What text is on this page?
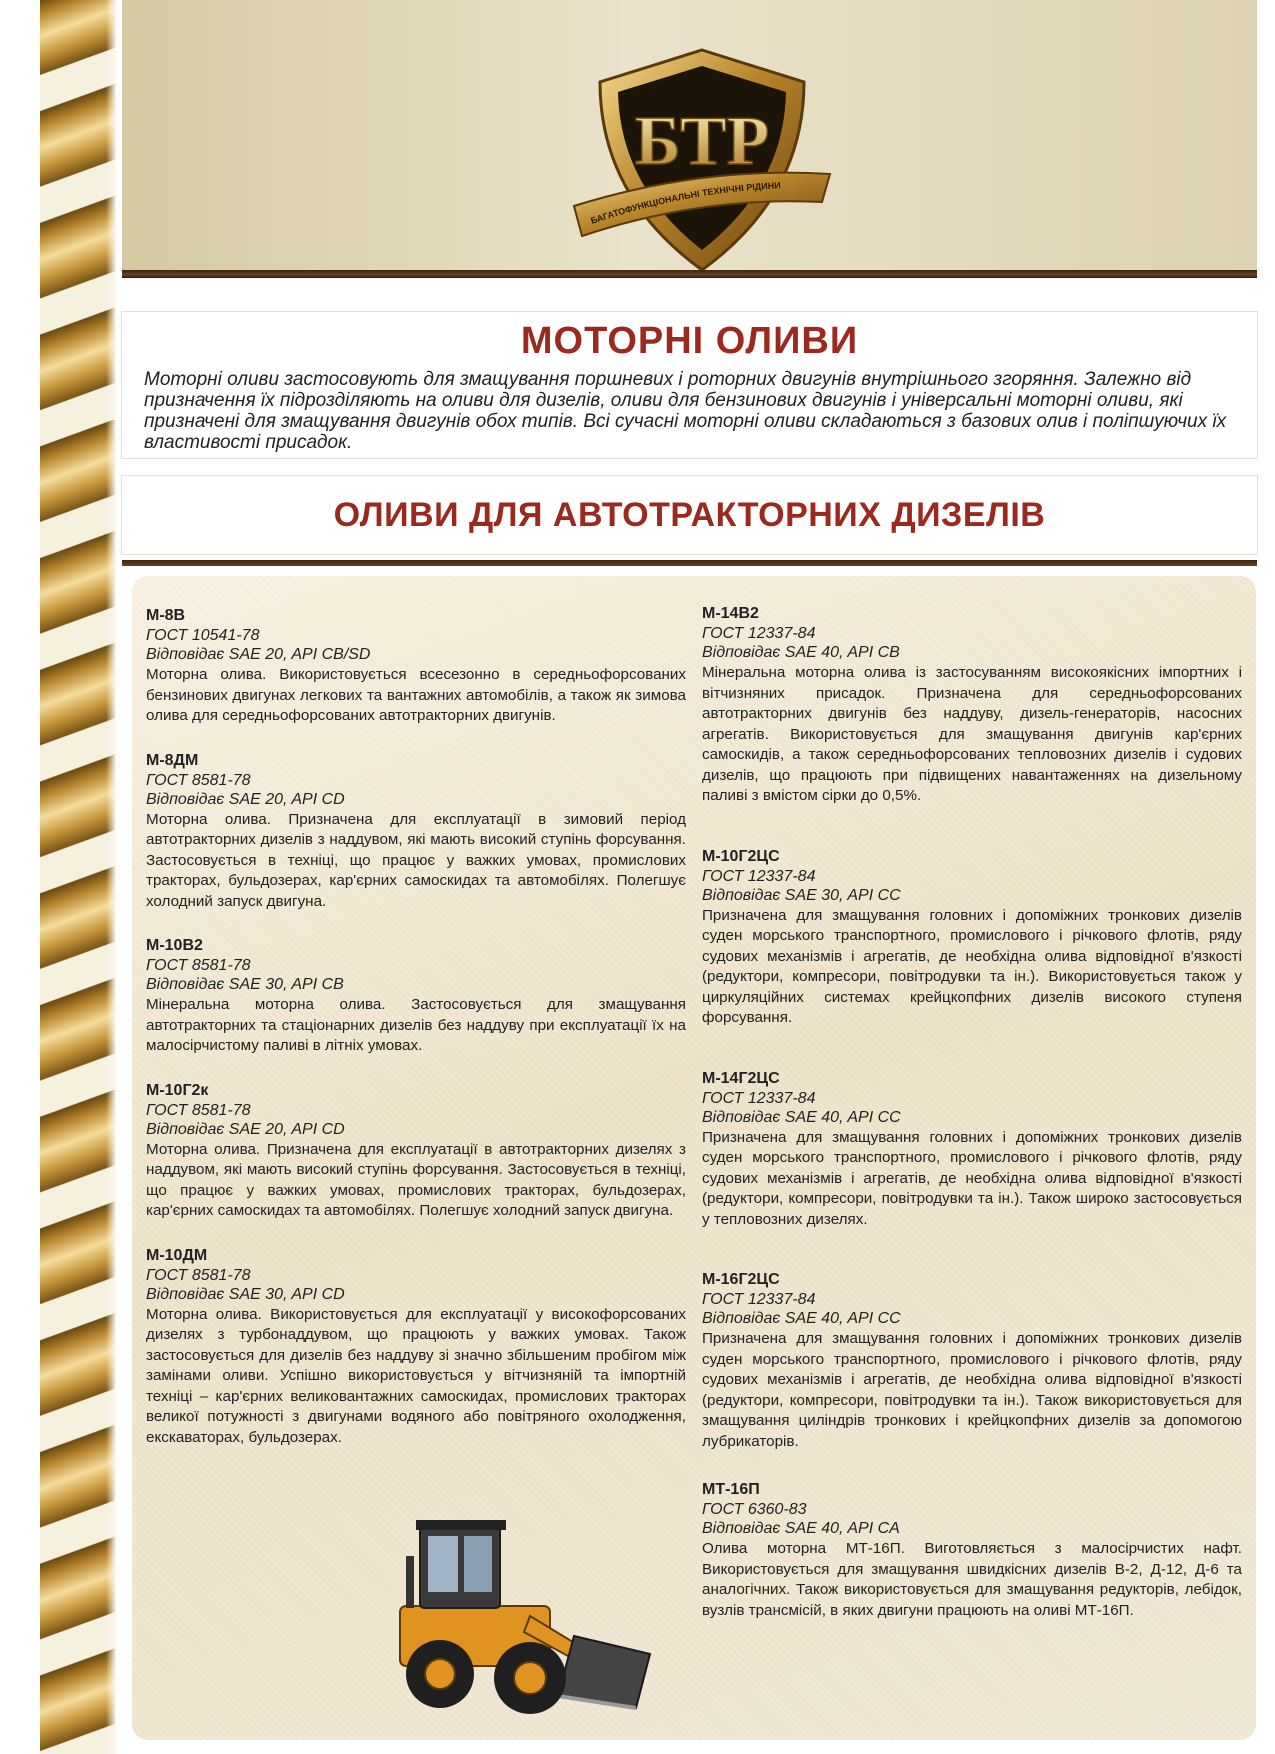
БТР
БАГАТОФУНКЦІОНАЛЬНІ ТЕХНІЧНІ РІДИНИ
МОТОРНІ ОЛИВИ

Моторні оливи застосовують для змащування поршневих і роторних двигунів внутрішнього згоряння. Залежно від призначення їх підрозділяють на оливи для дизелів, оливи для бензинових двигунів і універсальні моторні оливи, які призначені для змащування двигунів обох типів. Всі сучасні моторні оливи складаються з базових олив і поліпшуючих їх властивості присадок.

ОЛИВИ ДЛЯ АВТОТРАКТОРНИХ ДИЗЕЛІВ
М-8В
ГОСТ 10541-78
Відповідає SAE 20, API CB/SD
Моторна олива. Використовується всесезонно в середньофорсованих бензинових двигунах легкових та вантажних автомобілів, а також як зимова олива для середньофорсованих автотракторних двигунів.
М-8ДМ
ГОСТ 8581-78
Відповідає SAE 20, API CD
Моторна олива. Призначена для експлуатації в зимовий період автотракторних дизелів з наддувом, які мають високий ступінь форсування. Застосовується в техніці, що працює у важких умовах, промислових тракторах, бульдозерах, кар'єрних самоскидах та автомобілях. Полегшує холодний запуск двигуна.
М-10В2
ГОСТ 8581-78
Відповідає SAE 30, API CB
Мінеральна моторна олива. Застосовується для змащування автотракторних та стаціонарних дизелів без наддуву при експлуатації їх на малосірчистому паливі в літніх умовах.
М-10Г2к
ГОСТ 8581-78
Відповідає SAE 20, API CD
Моторна олива. Призначена для експлуатації в автотракторних дизелях з наддувом, які мають високий ступінь форсування. Застосовується в техніці, що працює у важких умовах, промислових тракторах, бульдозерах, кар'єрних самоскидах та автомобілях. Полегшує холодний запуск двигуна.
М-10ДМ
ГОСТ 8581-78
Відповідає SAE 30, API CD
Моторна олива. Використовується для експлуатації у високофорсованих дизелях з турбонаддувом, що працюють у важких умовах. Також застосовується для дизелів без наддуву зі значно збільшеним пробігом між замінами оливи. Успішно використовується у вітчизняній та імпортній техніці – кар'єрних великовантажних самоскидах, промислових тракторах великої потужності з двигунами водяного або повітряного охолодження, екскаваторах, бульдозерах.
М-14В2
ГОСТ 12337-84
Відповідає SAE 40, API CB
Мінеральна моторна олива із застосуванням високоякісних імпортних і вітчизняних присадок. Призначена для середньофорсованих автотракторних двигунів без наддуву, дизель-генераторів, насосних агрегатів. Використовується для змащування двигунів кар'єрних самоскидів, а також середньофорсованих тепловозних дизелів і судових дизелів, що працюють при підвищених навантаженнях на дизельному паливі з вмістом сірки до 0,5%.
М-10Г2ЦС
ГОСТ 12337-84
Відповідає SAE 30, API CC
Призначена для змащування головних і допоміжних тронкових дизелів суден морського транспортного, промислового і річкового флотів, ряду судових механізмів і агрегатів, де необхідна олива відповідної в'язкості (редуктори, компресори, повітродувки та ін.). Використовується також у циркуляційних системах крейцкопфних дизелів високого ступеня форсування.
М-14Г2ЦС
ГОСТ 12337-84
Відповідає SAE 40, API CC
Призначена для змащування головних і допоміжних тронкових дизелів суден морського транспортного, промислового і річкового флотів, ряду судових механізмів і агрегатів, де необхідна олива відповідної в'язкості (редуктори, компресори, повітродувки та ін.). Також широко застосовується у тепловозних дизелях.
М-16Г2ЦС
ГОСТ 12337-84
Відповідає SAE 40, API CC
Призначена для змащування головних і допоміжних тронкових дизелів суден морського транспортного, промислового і річкового флотів, ряду судових механізмів і агрегатів, де необхідна олива відповідної в'язкості (редуктори, компресори, повітродувки та ін.). Також використовується для змащування циліндрів тронкових і крейцкопфних дизелів за допомогою лубрикаторів.
МТ-16П
ГОСТ 6360-83
Відповідає SAE 40, API CA
Олива моторна МТ-16П. Виготовляється з малосірчистих нафт. Використовується для змащування швидкісних дизелів В-2, Д-12, Д-6 та аналогічних. Також використовується для змащування редукторів, лебідок, вузлів трансмісій, в яких двигуни працюють на оливі МТ-16П.
